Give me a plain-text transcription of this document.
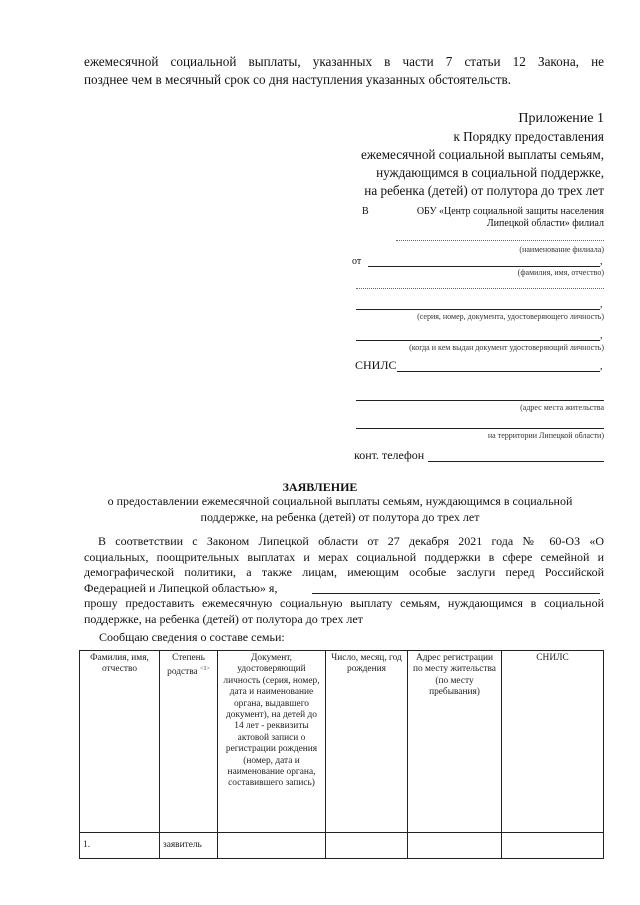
ежемесячной социальной выплаты, указанных в части 7 статьи 12 Закона, не
позднее чем в месячный срок со дня наступления указанных обстоятельств.
Приложение 1
к Порядку предоставления
ежемесячной социальной выплаты семьям,
нуждающимся в социальной поддержке,
на ребенка (детей) от полутора до трех лет
В	ОБУ «Центр социальной защиты населения
Липецкой области» филиал
(наименование филиала)
от	,
(фамилия, имя, отчество)
,
(серия, номер, документа, удостоверяющего личность)
,
(когда и кем выдан документ удостоверяющий личность)
СНИЛС	,
(адрес места жительства
на территории Липецкой области)
конт. телефон
ЗАЯВЛЕНИЕ
о предоставлении ежемесячной социальной выплаты семьям, нуждающимся в социальной
поддержке, на ребенка (детей) от полутора до трех лет
В соответствии с Законом Липецкой области от 27 декабря 2021 года № 60-ОЗ «О
социальных, поощрительных выплатах и мерах социальной поддержки в сфере семейной и
демографической политики, а также лицам, имеющим особые заслуги перед Российской
Федерацией и Липецкой областью» я,
прошу предоставить ежемесячную социальную выплату семьям, нуждающимся в социальной
поддержке, на ребенка (детей) от полутора до трех лет
Сообщаю сведения о составе семьи:
Фамилия, имя, отчество	Степень родства $^{<1>}$	Документ, удостоверяющий личность (серия, номер, дата и наименование органа, выдавшего документ), на детей до 14 лет - реквизиты актовой записи о регистрации рождения (номер, дата и наименование органа, составившего запись)	Число, месяц, год рождения	Адрес регистрации по месту жительства (по месту пребывания)	СНИЛС
1.	заявитель				
